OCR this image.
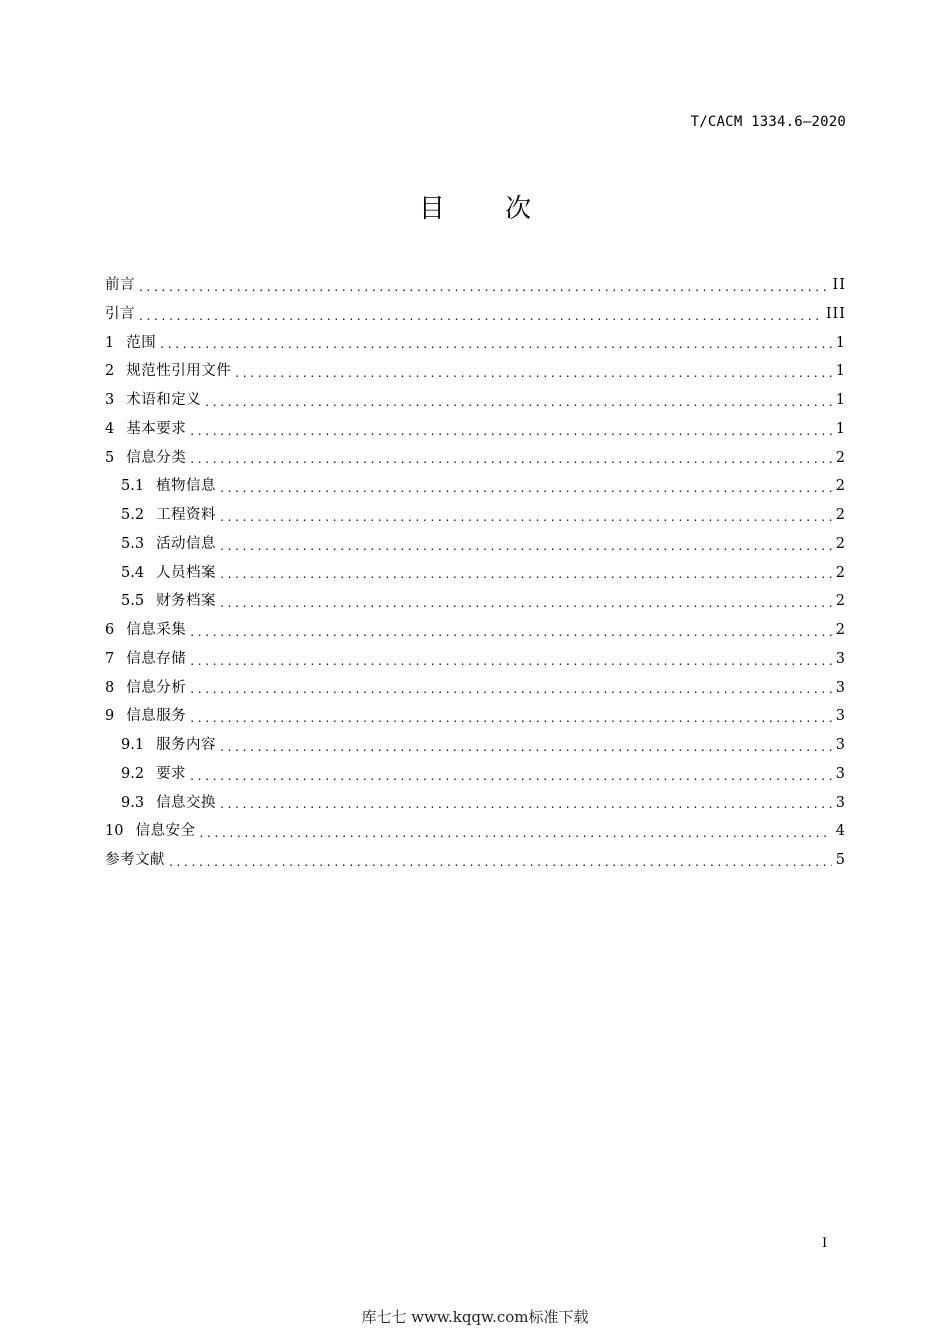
T/CACM 1334.6—2020
目 次
前言 .....	II
引言 .....	III
1 范围 .....	1
2 规范性引用文件 .....	1
3 术语和定义 .....	1
4 基本要求 .....	1
5 信息分类 .....	2
5.1 植物信息 .....	2
5.2 工程资料 .....	2
5.3 活动信息 .....	2
5.4 人员档案 .....	2
5.5 财务档案 .....	2
6 信息采集 .....	2
7 信息存储 .....	3
8 信息分析 .....	3
9 信息服务 .....	3
9.1 服务内容 .....	3
9.2 要求 .....	3
9.3 信息交换 .....	3
10 信息安全 .....	4
参考文献 .....	5
I
库七七 www.kqqw.com标准下载
